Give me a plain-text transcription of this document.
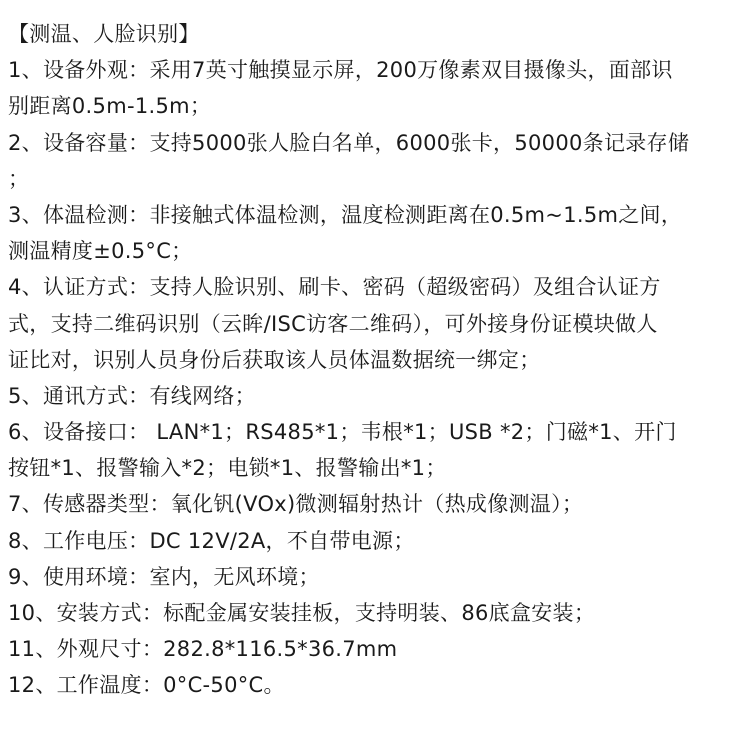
【测温、人脸识别】
1、设备外观：采用7英寸触摸显示屏，200万像素双目摄像头，面部识
别距离0.5m-1.5m；
2、设备容量：支持5000张人脸白名单，6000张卡，50000条记录存储
；
3、体温检测：非接触式体温检测，温度检测距离在0.5m~1.5m之间，
测温精度±0.5°C；
4、认证方式：支持人脸识别、刷卡、密码（超级密码）及组合认证方
式，支持二维码识别（云眸/ISC访客二维码），可外接身份证模块做人
证比对，识别人员身份后获取该人员体温数据统一绑定；
5、通讯方式：有线网络；
6、设备接口： LAN*1；RS485*1；韦根*1；USB *2；门磁*1、开门
按钮*1、报警输入*2；电锁*1、报警输出*1；
7、传感器类型：氧化钒(VOx)微测辐射热计（热成像测温）；
8、工作电压：DC 12V/2A，不自带电源；
9、使用环境：室内，无风环境；
10、安装方式：标配金属安装挂板，支持明装、86底盒安装；
11、外观尺寸：282.8*116.5*36.7mm
12、工作温度：0°C-50°C。
